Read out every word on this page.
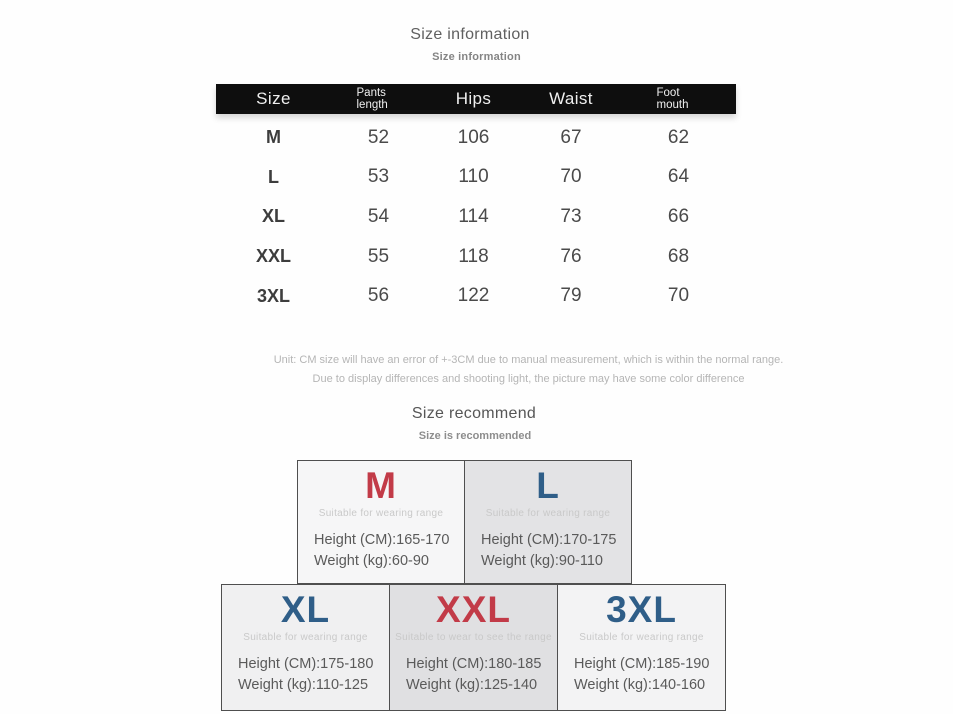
Size information
Size information
Size	Pants length	Hips	Waist	Foot mouth
M	52	106	67	62
L	53	110	70	64
XL	54	114	73	66
XXL	55	118	76	68
3XL	56	122	79	70
Unit: CM size will have an error of +-3CM due to manual measurement, which is within the normal range.
Due to display differences and shooting light, the picture may have some color difference
Size recommend
Size is recommended
M
Suitable for wearing range
Height (CM):165-170
Weight (kg):60-90
L
Suitable for wearing range
Height (CM):170-175
Weight (kg):90-110
XL
Suitable for wearing range
Height (CM):175-180
Weight (kg):110-125
XXL
Suitable to wear to see the range
Height (CM):180-185
Weight (kg):125-140
3XL
Suitable for wearing range
Height (CM):185-190
Weight (kg):140-160
